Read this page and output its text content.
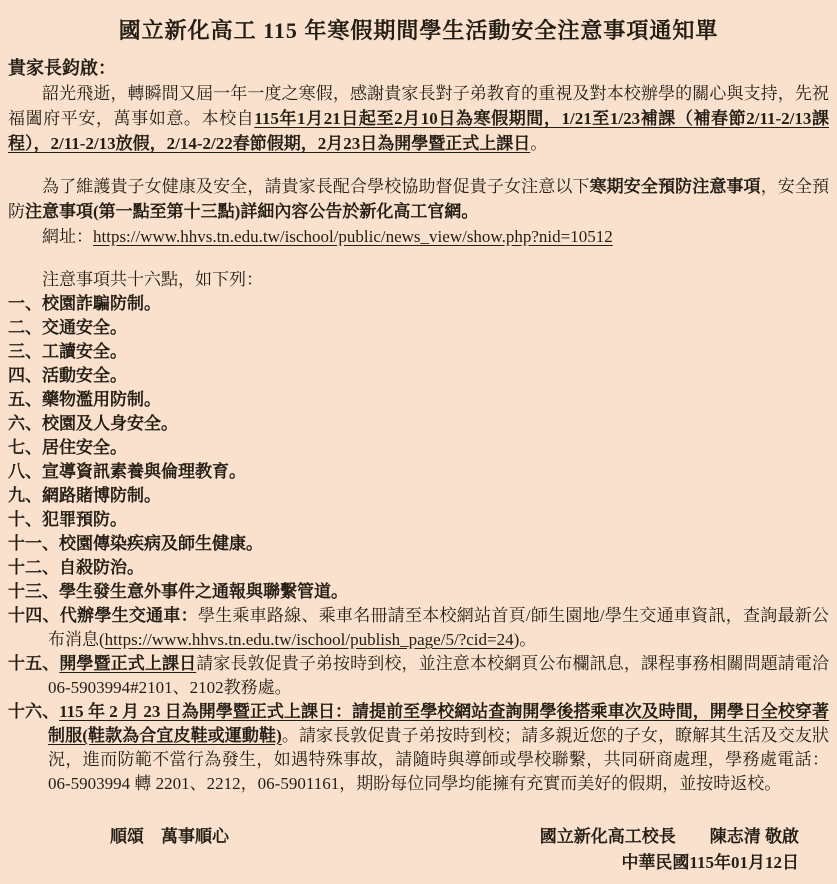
國立新化高工 115 年寒假期間學生活動安全注意事項通知單
貴家長鈞啟：

韶光飛逝，轉瞬間又屆一年一度之寒假，感謝貴家長對子弟教育的重視及對本校辦學的關心與支持，先祝福闔府平安，萬事如意。本校自115年1月21日起至2月10日為寒假期間，1/21至1/23補課（補春節2/11-2/13課程），2/11-2/13放假，2/14-2/22春節假期，2月23日為開學暨正式上課日。

為了維護貴子女健康及安全，請貴家長配合學校協助督促貴子女注意以下寒期安全預防注意事項，安全預防注意事項(第一點至第十三點)詳細內容公告於新化高工官網。

網址：https://www.hhvs.tn.edu.tw/ischool/public/news_view/show.php?nid=10512

注意事項共十六點，如下列：

一、校園詐騙防制。
二、交通安全。
三、工讀安全。
四、活動安全。
五、藥物濫用防制。
六、校園及人身安全。
七、居住安全。
八、宣導資訊素養與倫理教育。
九、網路賭博防制。
十、犯罪預防。
十一、校園傳染疾病及師生健康。
十二、自殺防治。
十三、學生發生意外事件之通報與聯繫管道。
十四、代辦學生交通車：學生乘車路線、乘車名冊請至本校網站首頁/師生園地/學生交通車資訊，查詢最新公布消息(https://www.hhvs.tn.edu.tw/ischool/publish_page/5/?cid=24)。
十五、開學暨正式上課日請家長敦促貴子弟按時到校，並注意本校網頁公布欄訊息，課程事務相關問題請電洽06-5903994#2101、2102教務處。
十六、115 年 2 月 23 日為開學暨正式上課日：請提前至學校網站查詢開學後搭乘車次及時間，開學日全校穿著制服(鞋款為合宜皮鞋或運動鞋)。請家長敦促貴子弟按時到校；請多親近您的子女，瞭解其生活及交友狀況，進而防範不當行為發生，如遇特殊事故，請隨時與導師或學校聯繫，共同研商處理，學務處電話：06-5903994 轉 2201、2212，06-5901161，期盼每位同學均能擁有充實而美好的假期，並按時返校。
順頌　萬事順心	國立新化高工校長　　陳志清 敬啟
中華民國115年01月12日
